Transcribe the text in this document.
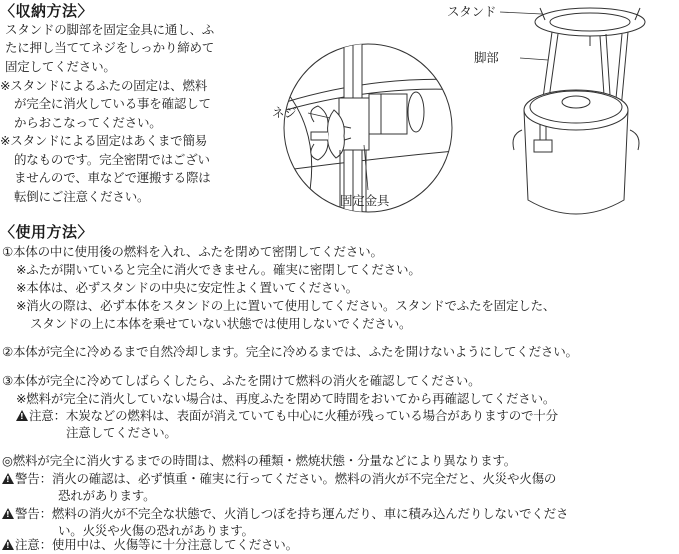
〈収納方法〉
スタンドの脚部を固定金具に通し、ふ
たに押し当ててネジをしっかり締めて
固定してください。
※スタンドによるふたの固定は、燃料
が完全に消火している事を確認して
からおこなってください。
※スタンドによる固定はあくまで簡易
的なものです。完全密閉ではござい
ませんので、車などで運搬する際は
転倒にご注意ください。
ネジ
固定金具
スタンド
脚部
〈使用方法〉
①本体の中に使用後の燃料を入れ、ふたを閉めて密閉してください。
※ふたが開いていると完全に消火できません。確実に密閉してください。
※本体は、必ずスタンドの中央に安定性よく置いてください。
※消火の際は、必ず本体をスタンドの上に置いて使用してください。スタンドでふたを固定した、
スタンドの上に本体を乗せていない状態では使用しないでください。
②本体が完全に冷めるまで自然冷却します。完全に冷めるまでは、ふたを開けないようにしてください。
③本体が完全に冷めてしばらくしたら、ふたを開けて燃料の消火を確認してください。
※燃料が完全に消火していない場合は、再度ふたを閉めて時間をおいてから再確認してください。
!注意：木炭などの燃料は、表面が消えていても中心に火種が残っている場合がありますので十分
注意してください。
◎燃料が完全に消火するまでの時間は、燃料の種類・燃焼状態・分量などにより異なります。
!警告：消火の確認は、必ず慎重・確実に行ってください。燃料の消火が不完全だと、火災や火傷の
恐れがあります。
!警告：燃料の消火が不完全な状態で、火消しつぼを持ち運んだり、車に積み込んだりしないでくださ
い。火災や火傷の恐れがあります。
!注意：使用中は、火傷等に十分注意してください。
